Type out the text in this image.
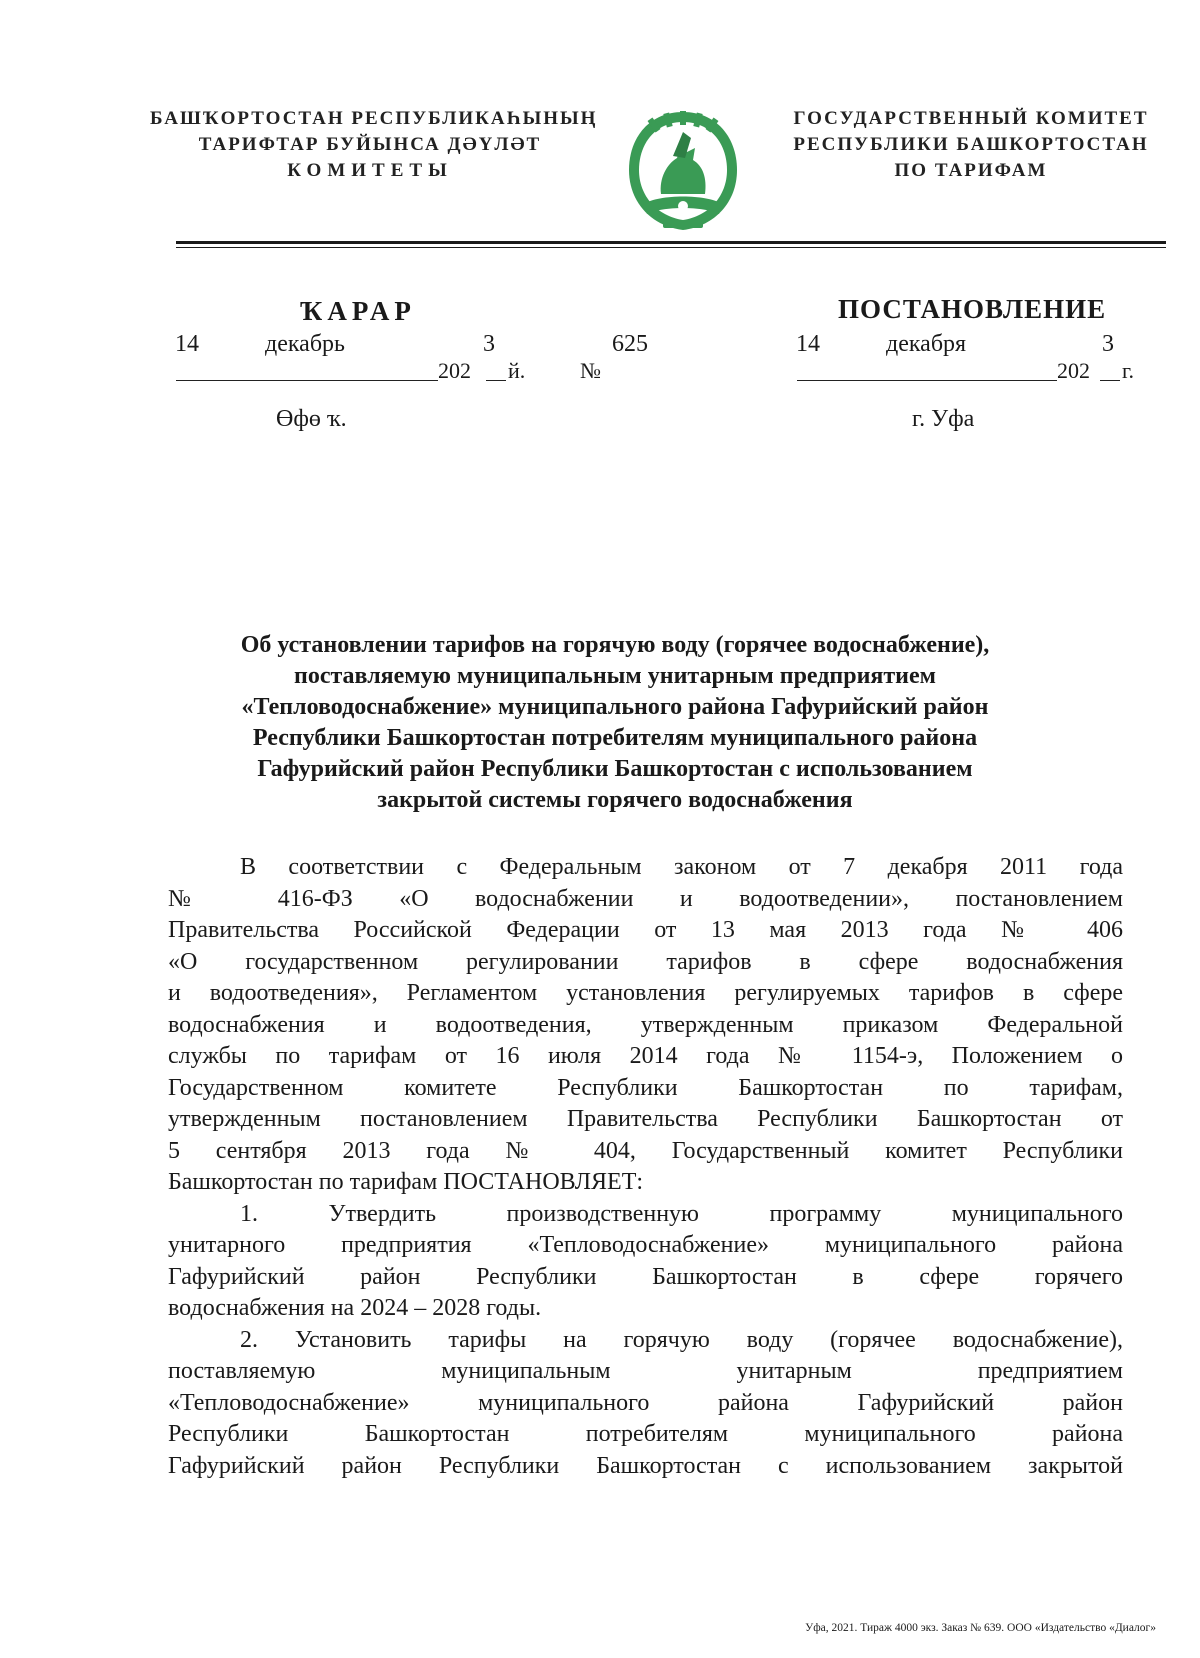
БАШҠОРТОСТАН РЕСПУБЛИКАҺЫНЫҢ
ТАРИФТАР БУЙЫНСА ДӘҮЛӘТ
КОМИТЕТЫ
ГОСУДАРСТВЕННЫЙ КОМИТЕТ
РЕСПУБЛИКИ БАШКОРТОСТАН
ПО ТАРИФАМ
ҠАРАР	ПОСТАНОВЛЕНИЕ
14	декабрь	3	625
202 й. №
Өфө ҡ.
14	декабря	3
202 г.
г. Уфа
Об установлении тарифов на горячую воду (горячее водоснабжение),
поставляемую муниципальным унитарным предприятием
«Тепловодоснабжение» муниципального района Гафурийский район
Республики Башкортостан потребителям муниципального района
Гафурийский район Республики Башкортостан с использованием
закрытой системы горячего водоснабжения
В соответствии с Федеральным законом от 7 декабря 2011 года
№ 416-ФЗ «О водоснабжении и водоотведении», постановлением
Правительства Российской Федерации от 13 мая 2013 года № 406
«О государственном регулировании тарифов в сфере водоснабжения
и водоотведения», Регламентом установления регулируемых тарифов в сфере
водоснабжения и водоотведения, утвержденным приказом Федеральной
службы по тарифам от 16 июля 2014 года № 1154-э, Положением о
Государственном комитете Республики Башкортостан по тарифам,
утвержденным постановлением Правительства Республики Башкортостан от
5 сентября 2013 года № 404, Государственный комитет Республики
Башкортостан по тарифам ПОСТАНОВЛЯЕТ:
1. Утвердить производственную программу муниципального
унитарного предприятия «Тепловодоснабжение» муниципального района
Гафурийский район Республики Башкортостан в сфере горячего
водоснабжения на 2024 – 2028 годы.
2. Установить тарифы на горячую воду (горячее водоснабжение),
поставляемую муниципальным унитарным предприятием
«Тепловодоснабжение» муниципального района Гафурийский район
Республики Башкортостан потребителям муниципального района
Гафурийский район Республики Башкортостан с использованием закрытой
Уфа, 2021. Тираж 4000 экз. Заказ № 639. ООО «Издательство «Диалог»
